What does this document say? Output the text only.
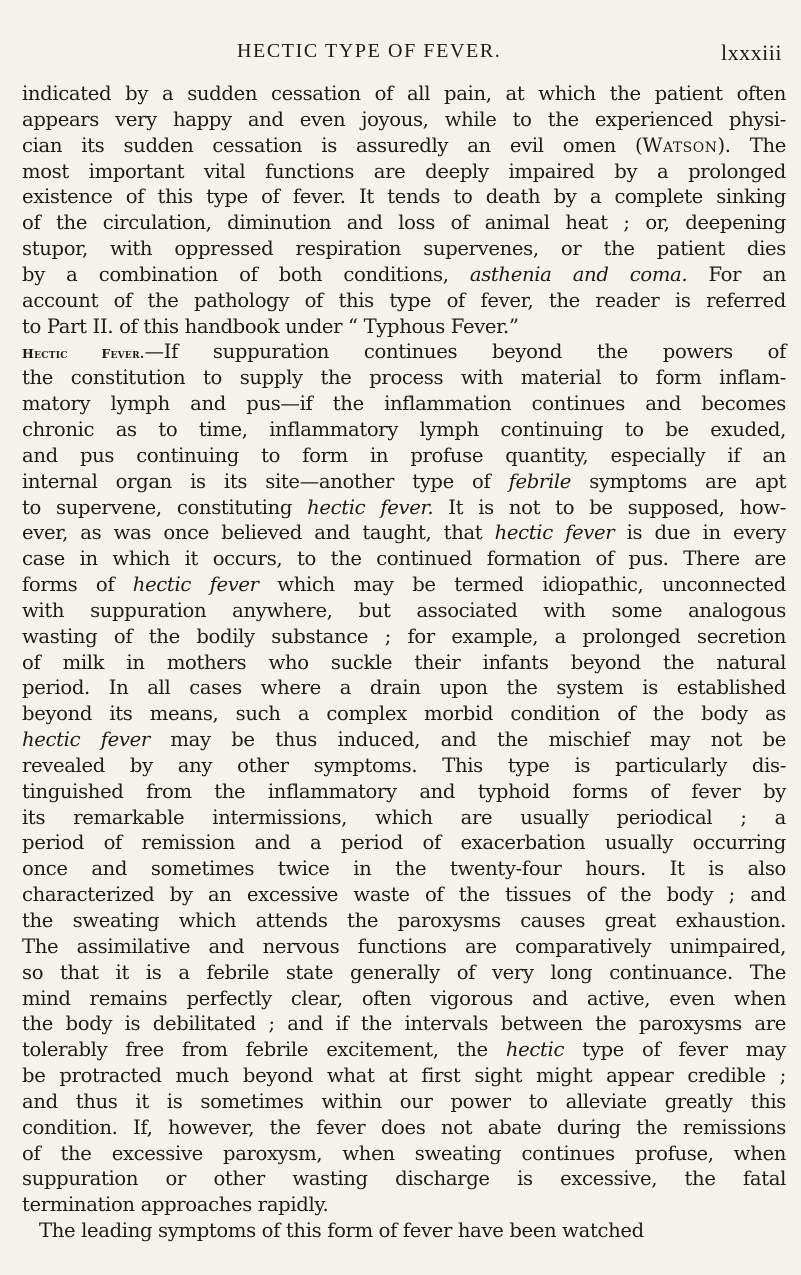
HECTIC TYPE OF FEVER.	lxxxiii
indicated by a sudden cessation of all pain, at which the patient often
appears very happy and even joyous, while to the experienced physi-
cian its sudden cessation is assuredly an evil omen (Watson). The
most important vital functions are deeply impaired by a prolonged
existence of this type of fever. It tends to death by a complete sinking
of the circulation, diminution and loss of animal heat ; or, deepening
stupor, with oppressed respiration supervenes, or the patient dies
by a combination of both conditions, asthenia and coma. For an
account of the pathology of this type of fever, the reader is referred
to Part II. of this handbook under “ Typhous Fever.”
Hectic Fever.—If suppuration continues beyond the powers of
the constitution to supply the process with material to form inflam-
matory lymph and pus—if the inflammation continues and becomes
chronic as to time, inflammatory lymph continuing to be exuded,
and pus continuing to form in profuse quantity, especially if an
internal organ is its site—another type of febrile symptoms are apt
to supervene, constituting hectic fever. It is not to be supposed, how-
ever, as was once believed and taught, that hectic fever is due in every
case in which it occurs, to the continued formation of pus. There are
forms of hectic fever which may be termed idiopathic, unconnected
with suppuration anywhere, but associated with some analogous
wasting of the bodily substance ; for example, a prolonged secretion
of milk in mothers who suckle their infants beyond the natural
period. In all cases where a drain upon the system is established
beyond its means, such a complex morbid condition of the body as
hectic fever may be thus induced, and the mischief may not be
revealed by any other symptoms. This type is particularly dis-
tinguished from the inflammatory and typhoid forms of fever by
its remarkable intermissions, which are usually periodical ; a
period of remission and a period of exacerbation usually occurring
once and sometimes twice in the twenty-four hours. It is also
characterized by an excessive waste of the tissues of the body ; and
the sweating which attends the paroxysms causes great exhaustion.
The assimilative and nervous functions are comparatively unimpaired,
so that it is a febrile state generally of very long continuance. The
mind remains perfectly clear, often vigorous and active, even when
the body is debilitated ; and if the intervals between the paroxysms are
tolerably free from febrile excitement, the hectic type of fever may
be protracted much beyond what at first sight might appear credible ;
and thus it is sometimes within our power to alleviate greatly this
condition. If, however, the fever does not abate during the remissions
of the excessive paroxysm, when sweating continues profuse, when
suppuration or other wasting discharge is excessive, the fatal
termination approaches rapidly.
The leading symptoms of this form of fever have been watched
